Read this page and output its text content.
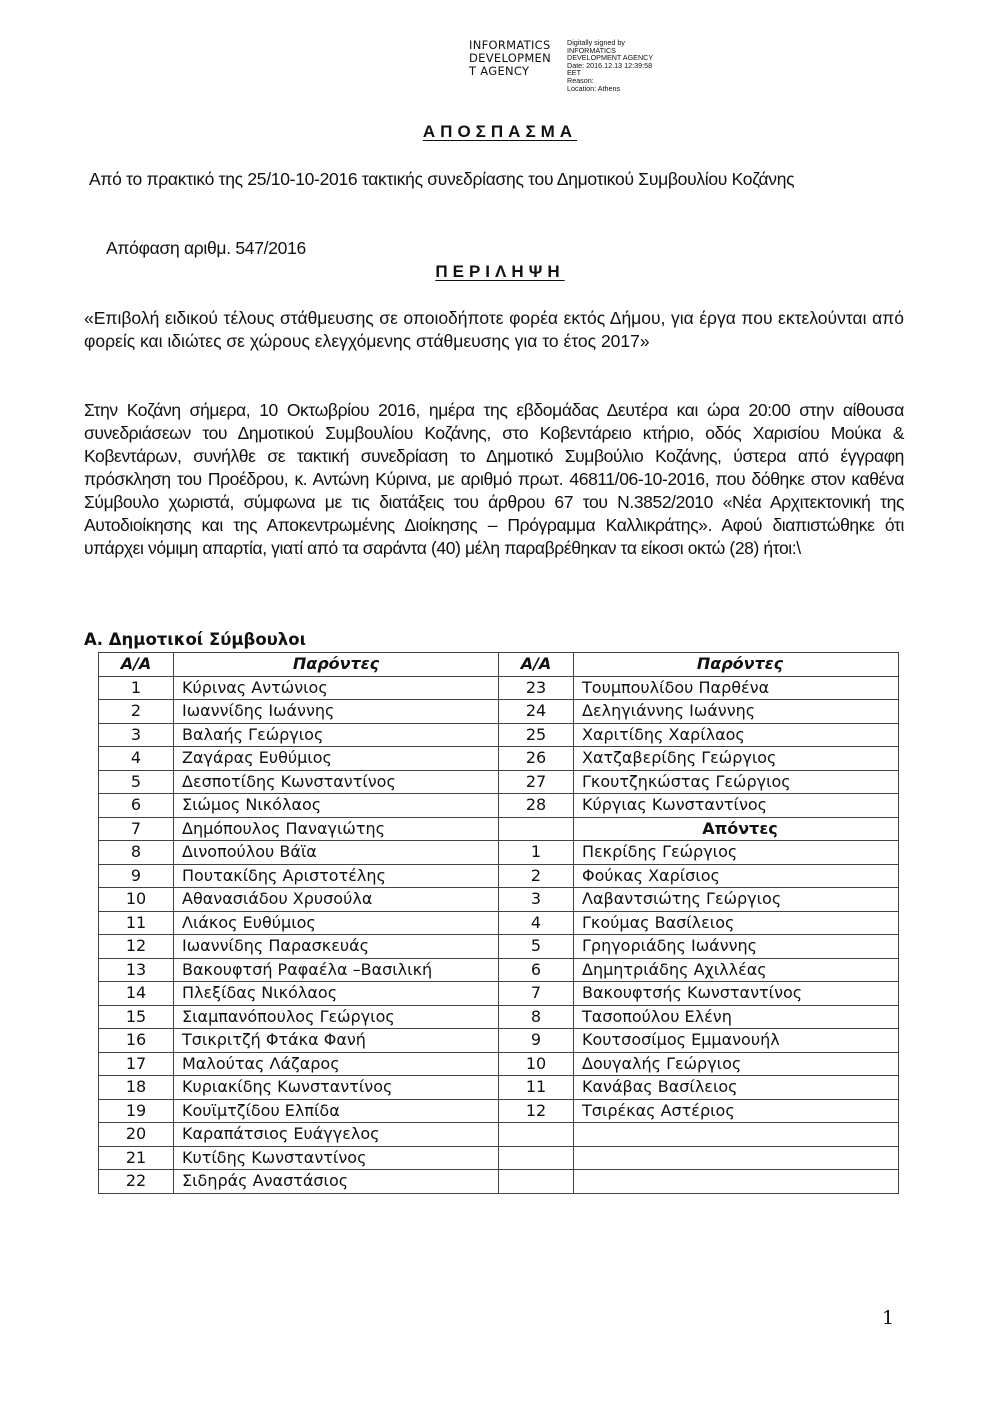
INFORMATICS
DEVELOPMEN
T AGENCY
Digitally signed by
INFORMATICS
DEVELOPMENT AGENCY
Date: 2016.12.13 12:39:58
EET
Reason:
Location: Athens
ΑΠΟΣΠΑΣΜΑ
Από το πρακτικό της 25/10-10-2016 τακτικής συνεδρίασης του Δημοτικού Συμβουλίου Κοζάνης
Απόφαση αριθμ. 547/2016
ΠΕΡΙΛΗΨΗ
«Επιβολή ειδικού τέλους στάθμευσης σε οποιοδήποτε φορέα εκτός Δήμου, για έργα που εκτελούνται από φορείς και ιδιώτες σε χώρους ελεγχόμενης στάθμευσης για το έτος 2017»
Στην Κοζάνη σήμερα, 10 Οκτωβρίου 2016, ημέρα της εβδομάδας Δευτέρα και ώρα 20:00 στην αίθουσα συνεδριάσεων του Δημοτικού Συμβουλίου Κοζάνης, στο Κοβεντάρειο κτήριο, οδός Χαρισίου Μούκα & Κοβεντάρων, συνήλθε σε τακτική συνεδρίαση το Δημοτικό Συμβούλιο Κοζάνης, ύστερα από έγγραφη πρόσκληση του Προέδρου, κ. Αντώνη Κύρινα, με αριθμό πρωτ. 46811/06-10-2016, που δόθηκε στον καθένα Σύμβουλο χωριστά, σύμφωνα με τις διατάξεις του άρθρου 67 του Ν.3852/2010 «Νέα Αρχιτεκτονική της Αυτοδιοίκησης και της Αποκεντρωμένης Διοίκησης – Πρόγραμμα Καλλικράτης». Αφού διαπιστώθηκε ότι υπάρχει νόμιμη απαρτία, γιατί από τα σαράντα (40) μέλη παραβρέθηκαν τα είκοσι οκτώ (28) ήτοι:\
Α. Δημοτικοί Σύμβουλοι
Α/Α	Παρόντες	Α/Α	Παρόντες
1	Κύρινας Αντώνιος	23	Τουμπουλίδου Παρθένα
2	Ιωαννίδης Ιωάννης	24	Δεληγιάννης Ιωάννης
3	Βαλαής Γεώργιος	25	Χαριτίδης Χαρίλαος
4	Ζαγάρας Ευθύμιος	26	Χατζαβερίδης Γεώργιος
5	Δεσποτίδης Κωνσταντίνος	27	Γκουτζηκώστας Γεώργιος
6	Σιώμος Νικόλαος	28	Κύργιας Κωνσταντίνος
7	Δημόπουλος Παναγιώτης		Απόντες
8	Δινοπούλου Βάϊα	1	Πεκρίδης Γεώργιος
9	Πουτακίδης Αριστοτέλης	2	Φούκας Χαρίσιος
10	Αθανασιάδου Χρυσούλα	3	Λαβαντσιώτης Γεώργιος
11	Λιάκος Ευθύμιος	4	Γκούμας Βασίλειος
12	Ιωαννίδης Παρασκευάς	5	Γρηγοριάδης Ιωάννης
13	Βακουφτσή Ραφαέλα –Βασιλική	6	Δημητριάδης Αχιλλέας
14	Πλεξίδας Νικόλαος	7	Βακουφτσής Κωνσταντίνος
15	Σιαμπανόπουλος Γεώργιος	8	Τασοπούλου Ελένη
16	Τσικριτζή Φτάκα Φανή	9	Κουτσοσίμος Εμμανουήλ
17	Μαλούτας Λάζαρος	10	Δουγαλής Γεώργιος
18	Κυριακίδης Κωνσταντίνος	11	Κανάβας Βασίλειος
19	Κουϊμτζίδου Ελπίδα	12	Τσιρέκας Αστέριος
20	Καραπάτσιος Ευάγγελος		
21	Κυτίδης Κωνσταντίνος		
22	Σιδηράς Αναστάσιος		
1
